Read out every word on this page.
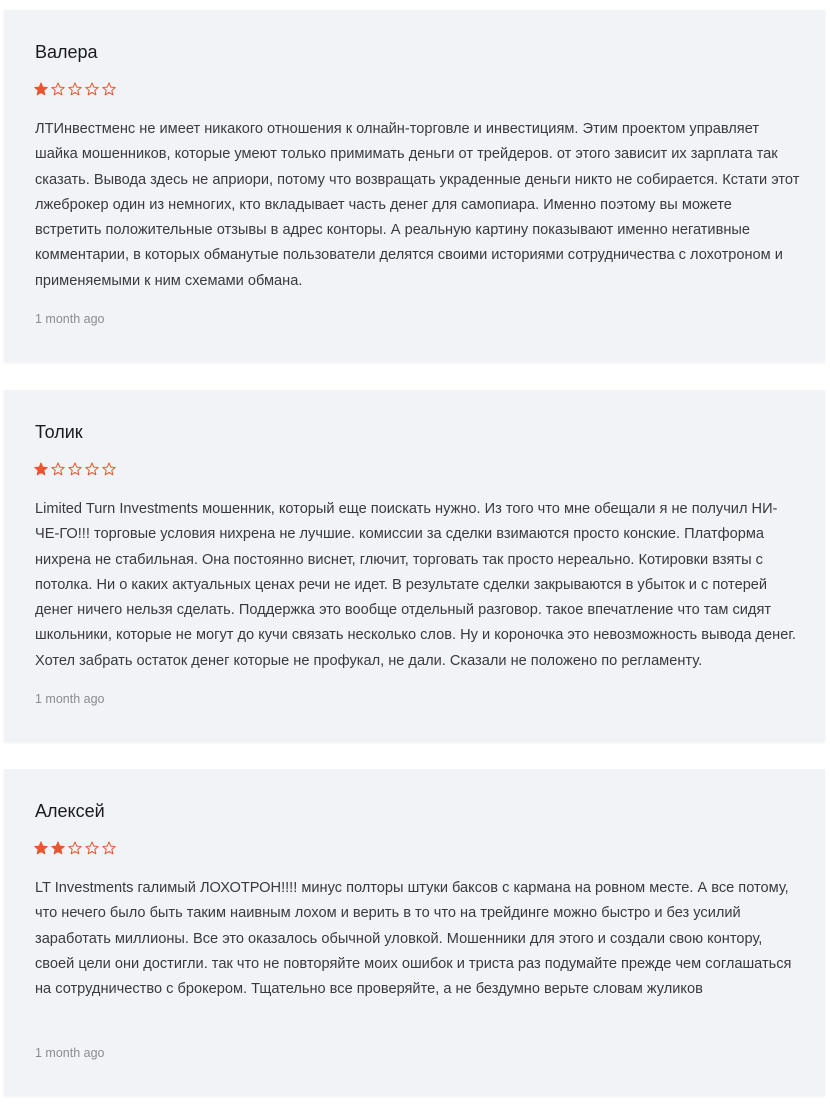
Валера

ЛТИнвестменс не имеет никакого отношения к олнайн-торговле и инвестициям. Этим проектом управляет шайка мошенников, которые умеют только примимать деньги от трейдеров. от этого зависит их зарплата так сказать. Вывода здесь не априори, потому что возвращать украденные деньги никто не собирается. Кстати этот лжеброкер один из немногих, кто вкладывает часть денег для самопиара. Именно поэтому вы можете встретить положительные отзывы в адрес конторы. А реальную картину показывают именно негативные комментарии, в которых обманутые пользователи делятся своими историями сотрудничества с лохотроном и применяемыми к ним схемами обмана.

1 month ago
Толик

Limited Turn Investments мошенник, который еще поискать нужно. Из того что мне обещали я не получил НИ-ЧЕ-ГО!!! торговые условия нихрена не лучшие. комиссии за сделки взимаются просто конские. Платформа нихрена не стабильная. Она постоянно виснет, глючит, торговать так просто нереально. Котировки взяты с потолка. Ни о каких актуальных ценах речи не идет. В результате сделки закрываются в убыток и с потерей денег ничего нельзя сделать. Поддержка это вообще отдельный разговор. такое впечатление что там сидят школьники, которые не могут до кучи связать несколько слов. Ну и короночка это невозможность вывода денег. Хотел забрать остаток денег которые не профукал, не дали. Сказали не положено по регламенту.

1 month ago
Алексей

LT Investments галимый ЛОХОТРОН!!!! минус полторы штуки баксов с кармана на ровном месте. А все потому, что нечего было быть таким наивным лохом и верить в то что на трейдинге можно быстро и без усилий заработать миллионы. Все это оказалось обычной уловкой. Мошенники для этого и создали свою контору, своей цели они достигли. так что не повторяйте моих ошибок и триста раз подумайте прежде чем соглашаться на сотрудничество с брокером. Тщательно все проверяйте, а не бездумно верьте словам жуликов

1 month ago
